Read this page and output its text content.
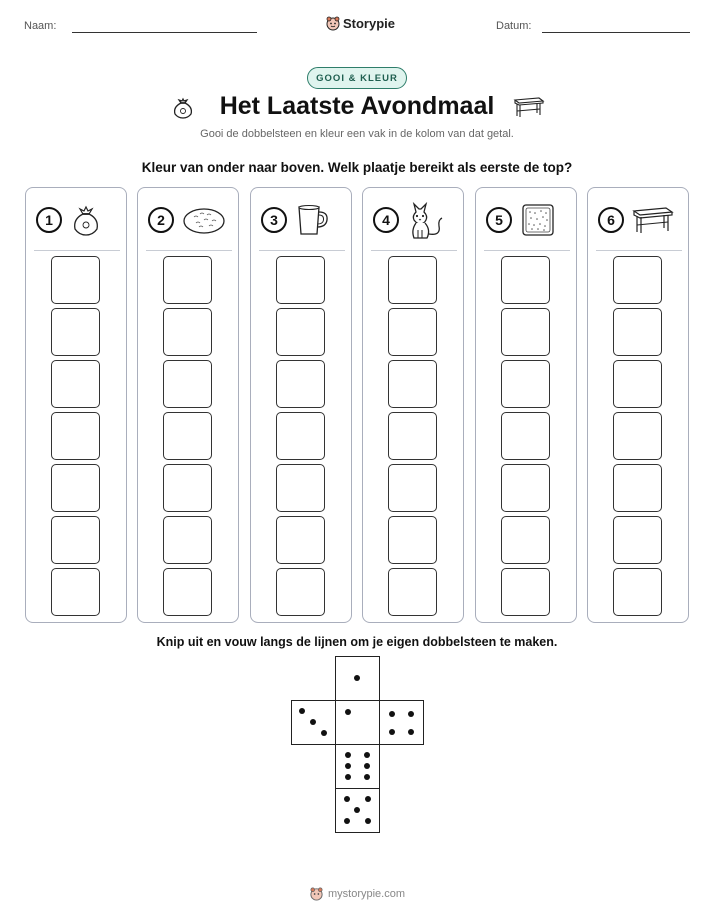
Naam:	Storypie	Datum:
GOOI & KLEUR
Het Laatste Avondmaal
Gooi de dobbelsteen en kleur een vak in de kolom van dat getal.
Kleur van onder naar boven. Welk plaatje bereikt als eerste de top?
1	2	3	4	5	6
Knip uit en vouw langs de lijnen om je eigen dobbelsteen te maken.
mystorypie.com
